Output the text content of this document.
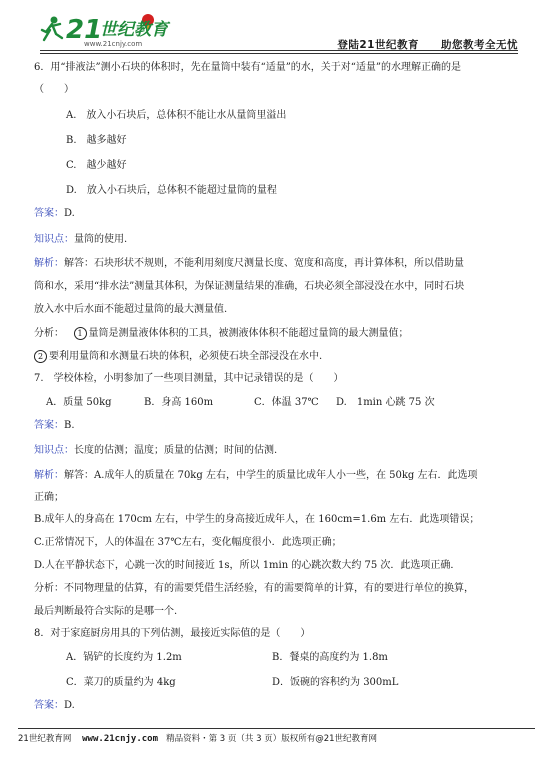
21
世纪教育
www.21cnjy.com	登陆21世纪教育　　助您教考全无忧
6．用“排液法”测小石块的体积时，先在量筒中装有“适量”的水，关于对“适量”的水理解正确的是
（　　）
A.　放入小石块后，总体积不能让水从量筒里溢出
B.　越多越好
C.　越少越好
D.　放入小石块后，总体积不能超过量筒的量程
答案：D.
知识点：量筒的使用.
解析：解答：石块形状不规则，不能利用刻度尺测量长度、宽度和高度，再计算体积，所以借助量
筒和水，采用“排水法”测量其体积，为保证测量结果的准确，石块必须全部浸没在水中，同时石块
放入水中后水面不能超过量筒的最大测量值.
分析： 1 量筒是测量液体体积的工具，被测液体体积不能超过量筒的最大测量值；
2 要利用量筒和水测量石块的体积，必须使石块全部浸没在水中.
7.　学校体检，小明参加了一些项目测量，其中记录错误的是（　　）
A．质量 50kg	B．身高 160m	C．体温 37℃ D.　1min 心跳 75 次
答案：B.
知识点：长度的估测；温度；质量的估测；时间的估测.
解析：解答：A.成年人的质量在 70kg 左右，中学生的质量比成年人小一些，在 50kg 左右．此选项
正确；
B.成年人的身高在 170cm 左右，中学生的身高接近成年人，在 160cm=1.6m 左右．此选项错误；
C.正常情况下，人的体温在 37℃左右，变化幅度很小．此选项正确；
D.人在平静状态下，心跳一次的时间接近 1s，所以 1min 的心跳次数大约 75 次．此选项正确．
分析：不同物理量的估算，有的需要凭借生活经验，有的需要简单的计算，有的要进行单位的换算，
最后判断最符合实际的是哪一个.
8．对于家庭厨房用具的下列估测，最接近实际值的是（　　）
A．锅铲的长度约为 1.2m	B．餐桌的高度约为 1.8m
C．菜刀的质量约为 4kg	D．饭碗的容积约为 300mL
答案：D.
21世纪教育网 www.21cnjy.com 精品资料・第 3 页（共 3 页）版权所有@21世纪教育网
